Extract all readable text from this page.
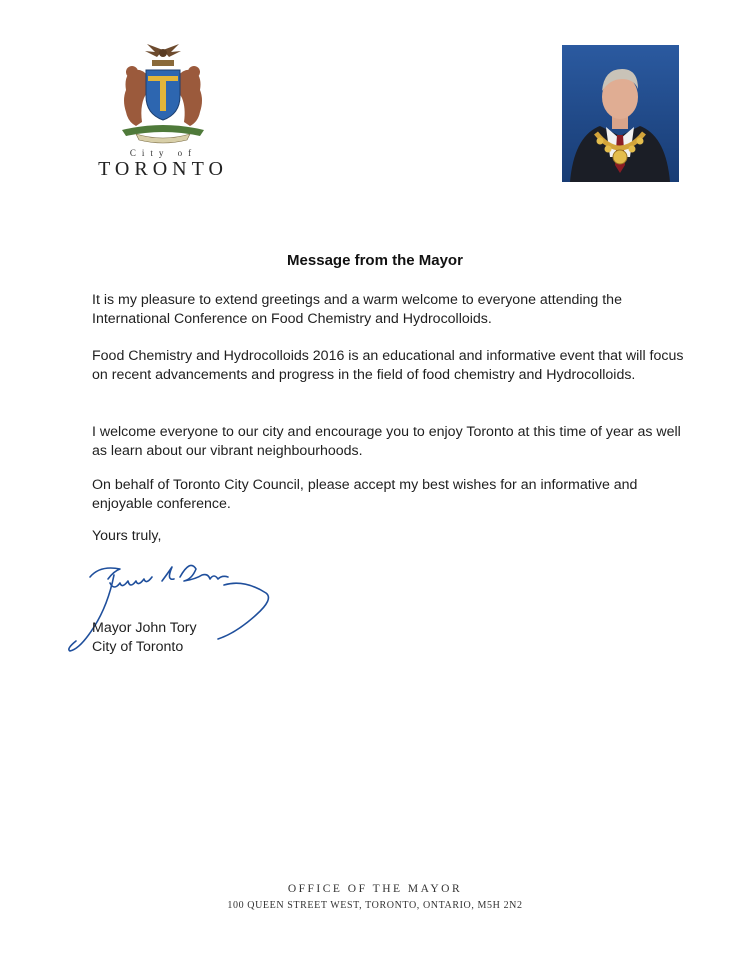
City of
TORONTO
Message from the Mayor

It is my pleasure to extend greetings and a warm welcome to everyone attending the International Conference on Food Chemistry and Hydrocolloids.

Food Chemistry and Hydrocolloids 2016 is an educational and informative event that will focus on recent advancements and progress in the field of food chemistry and Hydrocolloids.

I welcome everyone to our city and encourage you to enjoy Toronto at this time of year as well as learn about our vibrant neighbourhoods.

On behalf of Toronto City Council, please accept my best wishes for an informative and enjoyable conference.

Yours truly,
Mayor John Tory
City of Toronto
OFFICE OF THE MAYOR
100 QUEEN STREET WEST, TORONTO, ONTARIO, M5H 2N2
